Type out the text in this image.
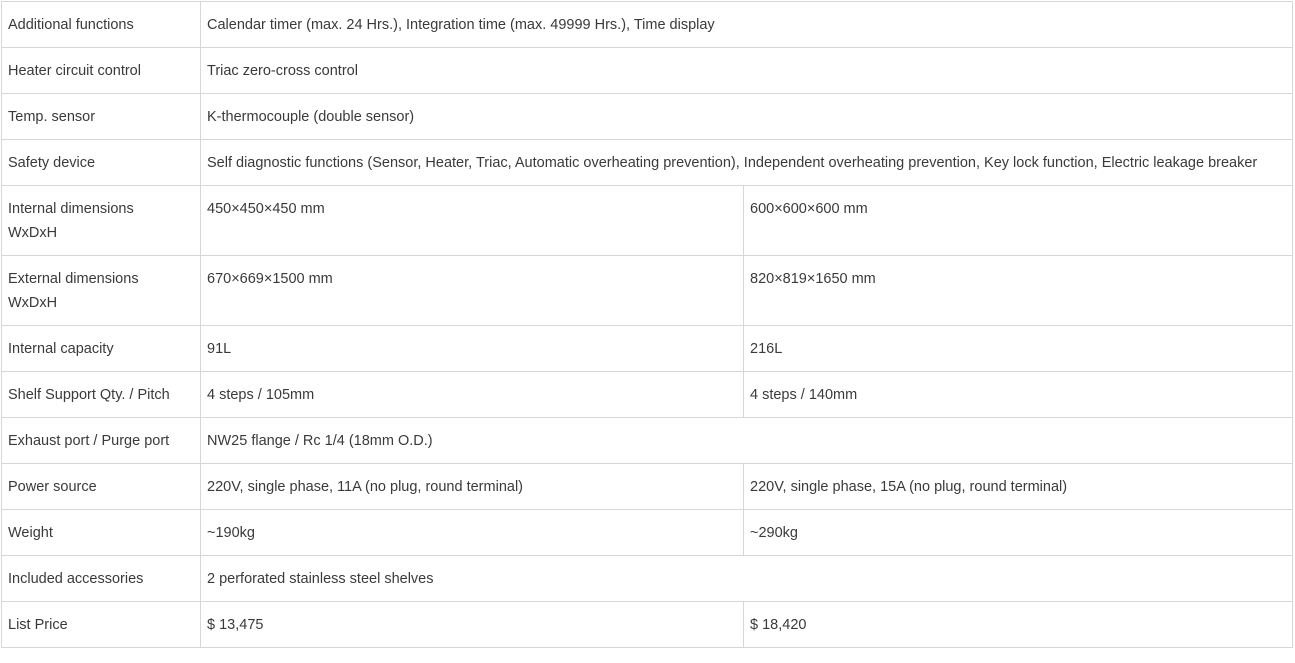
Additional functions	Calendar timer (max. 24 Hrs.), Integration time (max. 49999 Hrs.), Time display	
Heater circuit control	Triac zero-cross control	
Temp. sensor	K-thermocouple (double sensor)	
Safety device	Self diagnostic functions (Sensor, Heater, Triac, Automatic overheating prevention), Independent overheating prevention, Key lock function, Electric leakage breaker	
Internal dimensions WxDxH	450×450×450 mm	600×600×600 mm
External dimensions WxDxH	670×669×1500 mm	820×819×1650 mm
Internal capacity	91L	216L
Shelf Support Qty. / Pitch	4 steps / 105mm	4 steps / 140mm
Exhaust port / Purge port	NW25 flange / Rc 1/4 (18mm O.D.)	
Power source	220V, single phase, 11A (no plug, round terminal)	220V, single phase, 15A (no plug, round terminal)
Weight	~190kg	~290kg
Included accessories	2 perforated stainless steel shelves	
List Price	$ 13,475	$ 18,420
